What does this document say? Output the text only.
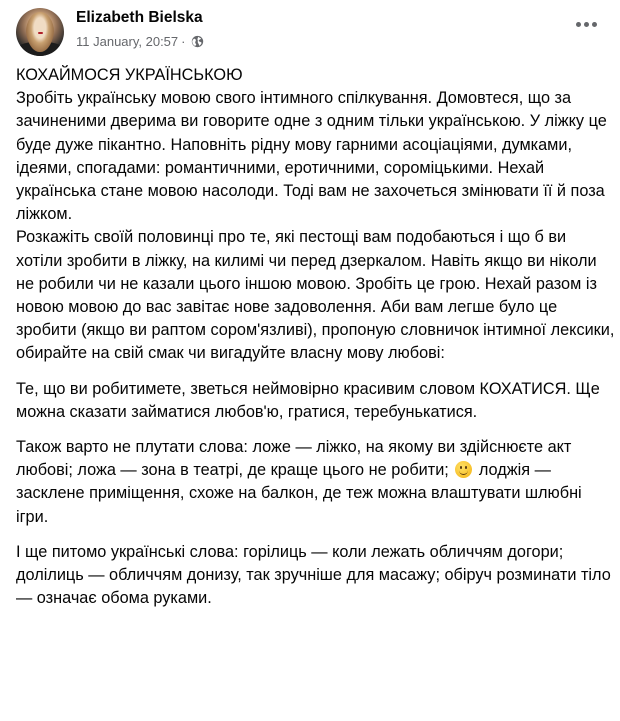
Elizabeth Bielska
11 January, 20:57 ·

КОХАЙМОСЯ УКРАЇНСЬКОЮ

Зробіть українську мовою свого інтимного спілкування. Домовтеся, що за зачиненими дверима ви говорите одне з одним тільки українською. У ліжку це буде дуже пікантно. Наповніть рідну мову гарними асоціаціями, думками, ідеями, спогадами: романтичними, еротичними, сороміцькими. Нехай українська стане мовою насолоди. Тоді вам не захочеться змінювати її й поза ліжком.

Розкажіть своїй половинці про те, які пестощі вам подобаються і що б ви хотіли зробити в ліжку, на килимі чи перед дзеркалом. Навіть якщо ви ніколи не робили чи не казали цього іншою мовою. Зробіть це грою. Нехай разом із новою мовою до вас завітає нове задоволення. Аби вам легше було це зробити (якщо ви раптом сором'язливі), пропоную словничок інтимної лексики, обирайте на свій смак чи вигадуйте власну мову любові:

Те, що ви робитимете, зветься неймовірно красивим словом КОХАТИСЯ. Ще можна сказати займатися любов'ю, гратися, теребунькатися.

Також варто не плутати слова: ложе — ліжко, на якому ви здійснюєте акт любові; ложа — зона в театрі, де краще цього не робити; лоджія — засклене приміщення, схоже на балкон, де теж можна влаштувати шлюбні ігри.

І ще питомо українські слова: горілиць — коли лежать обличчям догори; долілиць — обличчям донизу, так зручніше для масажу; обіруч розминати тіло — означає обома руками.
